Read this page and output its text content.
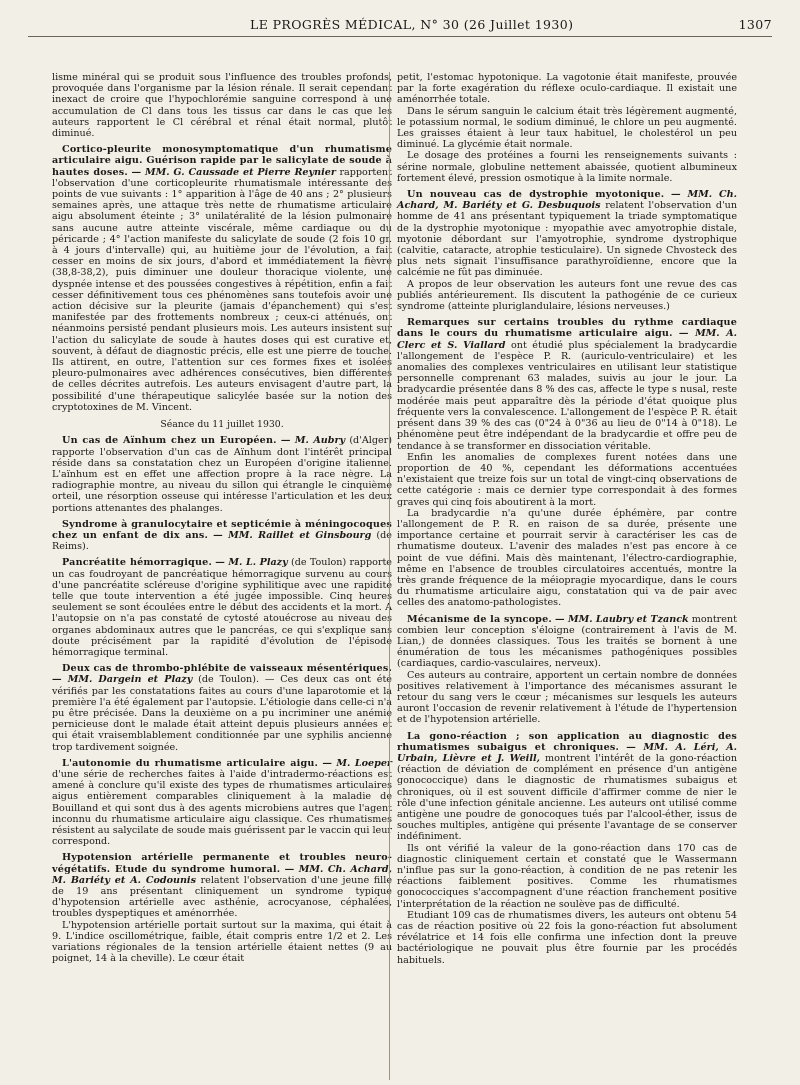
LE PROGRÈS MÉDICAL, N° 30 (26 Juillet 1930)	1307

lisme minéral qui se produit sous l'influence des troubles profonds, provoquée dans l'organisme par la lésion rénale. Il serait cependant inexact de croire que l'hypochlorémie sanguine correspond à une accumulation de Cl dans tous les tissus car dans le cas que les auteurs rapportent le Cl cérébral et rénal était normal, plutôt diminué.

Cortico-pleurite monosymptomatique d'un rhumatisme articulaire aigu. Guérison rapide par le salicylate de soude à hautes doses. — MM. G. Caussade et Pierre Reynier rapportent l'observation d'une corticopleurite rhumatismale intéressante des points de vue suivants : 1° apparition à l'âge de 40 ans ; 2° plusieurs semaines après, une attaque très nette de rhumatisme articulaire aigu absolument éteinte ; 3° unilatéralité de la lésion pulmonaire sans aucune autre atteinte viscérale, même cardiaque ou du péricarde ; 4° l'action manifeste du salicylate de soude (2 fois 10 gr. à 4 jours d'intervalle) qui, au huitième jour de l'évolution, a fait cesser en moins de six jours, d'abord et immédiatement la fièvre (38,8-38,2), puis diminuer une douleur thoracique violente, une dyspnée intense et des poussées congestives à répétition, enfin a fait cesser définitivement tous ces phénomènes sans toutefois avoir une action décisive sur la pleurite (jamais d'épanchement) qui s'est manifestée par des frottements nombreux ; ceux-ci atténués, ont néanmoins persisté pendant plusieurs mois. Les auteurs insistent sur l'action du salicylate de soude à hautes doses qui est curative et, souvent, à défaut de diagnostic précis, elle est une pierre de touche. Ils attirent, en outre, l'attention sur ces formes fixes et isolées pleuro-pulmonaires avec adhérences consécutives, bien différentes de celles décrites autrefois. Les auteurs envisagent d'autre part, la possibilité d'une thérapeutique salicylée basée sur la notion des cryptotoxines de M. Vincent.

Séance du 11 juillet 1930.

Un cas de Aïnhum chez un Européen. — M. Aubry (d'Alger) rapporte l'observation d'un cas de Aïnhum dont l'intérêt principal réside dans sa constatation chez un Européen d'origine italienne. L'aïnhum est en effet une affection propre à la race nègre. La radiographie montre, au niveau du sillon qui étrangle le cinquième orteil, une résorption osseuse qui intéresse l'articulation et les deux portions attenantes des phalanges.

Syndrome à granulocytaire et septicémie à méningocoques chez un enfant de dix ans. — MM. Raillet et Ginsbourg (de Reims).

Pancréatite hémorragique. — M. L. Plazy (de Toulon) rapporte un cas foudroyant de pancréatique hémorragique survenu au cours d'une pancréatite scléreuse d'origine syphilitique avec une rapidité telle que toute intervention a été jugée impossible. Cinq heures seulement se sont écoulées entre le début des accidents et la mort. A l'autopsie on n'a pas constaté de cytosté atouécrose au niveau des organes abdominaux autres que le pancréas, ce qui s'explique sans doute précisément par la rapidité d'évolution de l'épisode hémorragique terminal.

Deux cas de thrombo-phlébite de vaisseaux mésentériques. — MM. Dargein et Plazy (de Toulon). — Ces deux cas ont été vérifiés par les constatations faites au cours d'une laparotomie et la première l'a été également par l'autopsie. L'étiologie dans celle-ci n'a pu être précisée. Dans la deuxième on a pu incriminer une anémie pernicieuse dont le malade était atteint depuis plusieurs années et qui était vraisemblablement conditionnée par une syphilis ancienne trop tardivement soignée.

L'autonomie du rhumatisme articulaire aigu. — M. Loeper d'une série de recherches faites à l'aide d'intradermo-réactions est amené à conclure qu'il existe des types de rhumatismes articulaires aigus entièrement comparables cliniquement à la maladie de Bouilland et qui sont dus à des agents microbiens autres que l'agent inconnu du rhumatisme articulaire aigu classique. Ces rhumatismes résistent au salycilate de soude mais guérissent par le vaccin qui leur correspond.

Hypotension artérielle permanente et troubles neuro-végétatifs. Etude du syndrome humoral. — MM. Ch. Achard, M. Bariéty et A. Codounis relatent l'observation d'une jeune fille de 19 ans présentant cliniquement un syndrome typique d'hypotension artérielle avec asthénie, acrocyanose, céphalées, troubles dyspeptiques et aménorrhée.

L'hypotension artérielle portait surtout sur la maxima, qui était à 9. L'indice oscillométrique, faible, était compris entre 1/2 et 2. Les variations régionales de la tension artérielle étaient nettes (9 au poignet, 14 à la cheville). Le cœur était

petit, l'estomac hypotonique. La vagotonie était manifeste, prouvée par la forte exagération du réflexe oculo-cardiaque. Il existait une aménorrhée totale.

Dans le sérum sanguin le calcium était très légèrement augmenté, le potassium normal, le sodium diminué, le chlore un peu augmenté. Les graisses étaient à leur taux habituel, le cholestérol un peu diminué. La glycémie était normale.

Le dosage des protéines a fourni les renseignements suivants : sérine normale, globuline nettement abaissée, quotient albumineux fortement élevé, pression osmotique à la limite normale.

Un nouveau cas de dystrophie myotonique. — MM. Ch. Achard, M. Bariéty et G. Desbuquois relatent l'observation d'un homme de 41 ans présentant typiquement la triade symptomatique de la dystrophie myotonique : myopathie avec amyotrophie distale, myotonie débordant sur l'amyotrophie, syndrome dystrophique (calvitie, cataracte, atrophie testiculaire). Un signede Chvosteck des plus nets signait l'insuffisance parathyroïdienne, encore que la calcémie ne fût pas diminuée.

A propos de leur observation les auteurs font une revue des cas publiés antérieurement. Ils discutent la pathogénie de ce curieux syndrome (atteinte pluriglandulaire, lésions nerveuses.)

Remarques sur certains troubles du rythme cardiaque dans le cours du rhumatisme articulaire aigu. — MM. A. Clerc et S. Viallard ont étudié plus spécialement la bradycardie l'allongement de l'espèce P. R. (auriculo-ventriculaire) et les anomalies des complexes ventriculaires en utilisant leur statistique personnelle comprenant 63 malades, suivis au jour le jour. La bradycardie présentée dans 8 % des cas, affecte le type s nusal, reste modérée mais peut apparaître dès la période d'état quoique plus fréquente vers la convalescence. L'allongement de l'espèce P. R. était présent dans 39 % des cas (0"24 à 0"36 au lieu de 0"14 à 0"18). Le phénomène peut être indépendant de la bradycardie et offre peu de tendance à se transformer en dissociation véritable.

Enfin les anomalies de complexes furent notées dans une proportion de 40 %, cependant les déformations accentuées n'existaient que treize fois sur un total de vingt-cinq observations de cette catégorie : mais ce dernier type correspondait à des formes graves qui cinq fois aboutirent à la mort.

La bradycardie n'a qu'une durée éphémère, par contre l'allongement de P. R. en raison de sa durée, présente une importance certaine et pourrait servir à caractériser les cas de rhumatisme douteux. L'avenir des malades n'est pas encore à ce point de vue défini. Mais dès maintenant, l'électro-cardiographie, même en l'absence de troubles circulatoires accentués, montre la très grande fréquence de la méiopragie myocardique, dans le cours du rhumatisme articulaire aigu, constatation qui va de pair avec celles des anatomo-pathologistes.

Mécanisme de la syncope. — MM. Laubry et Tzanck montrent combien leur conception s'éloigne (contrairement à l'avis de M. Lian,) de données classiques. Tous les traités se bornent à une énumération de tous les mécanismes pathogéniques possibles (cardiaques, cardio-vasculaires, nerveux).

Ces auteurs au contraire, apportent un certain nombre de données positives relativement à l'importance des mécanismes assurant le retour du sang vers le cœur ; mécanismes sur lesquels les auteurs auront l'occasion de revenir relativement à l'étude de l'hypertension et de l'hypotension artérielle.

La gono-réaction ; son application au diagnostic des rhumatismes subaigus et chroniques. — MM. A. Léri, A. Urbain, Lièvre et J. Weill, montrent l'intérêt de la gono-réaction (réaction de déviation de complément en présence d'un antigène gonococcique) dans le diagnostic de rhumatismes subaigus et chroniques, où il est souvent difficile d'affirmer comme de nier le rôle d'une infection génitale ancienne. Les auteurs ont utilisé comme antigène une poudre de gonocoques tués par l'alcool-éther, issus de souches multiples, antigène qui présente l'avantage de se conserver indéfiniment.

Ils ont vérifié la valeur de la gono-réaction dans 170 cas de diagnostic cliniquement certain et constaté que le Wassermann n'influe pas sur la gono-réaction, à condition de ne pas retenir les réactions faiblement positives. Comme les rhumatismes gonococciques s'accompagnent d'une réaction franchement positive l'interprétation de la réaction ne soulève pas de difficulté.

Etudiant 109 cas de rhumatismes divers, les auteurs ont obtenu 54 cas de réaction positive où 22 fois la gono-réaction fut absolument révélatrice et 14 fois elle confirma une infection dont la preuve bactériologique ne pouvait plus être fournie par les procédés habituels.
